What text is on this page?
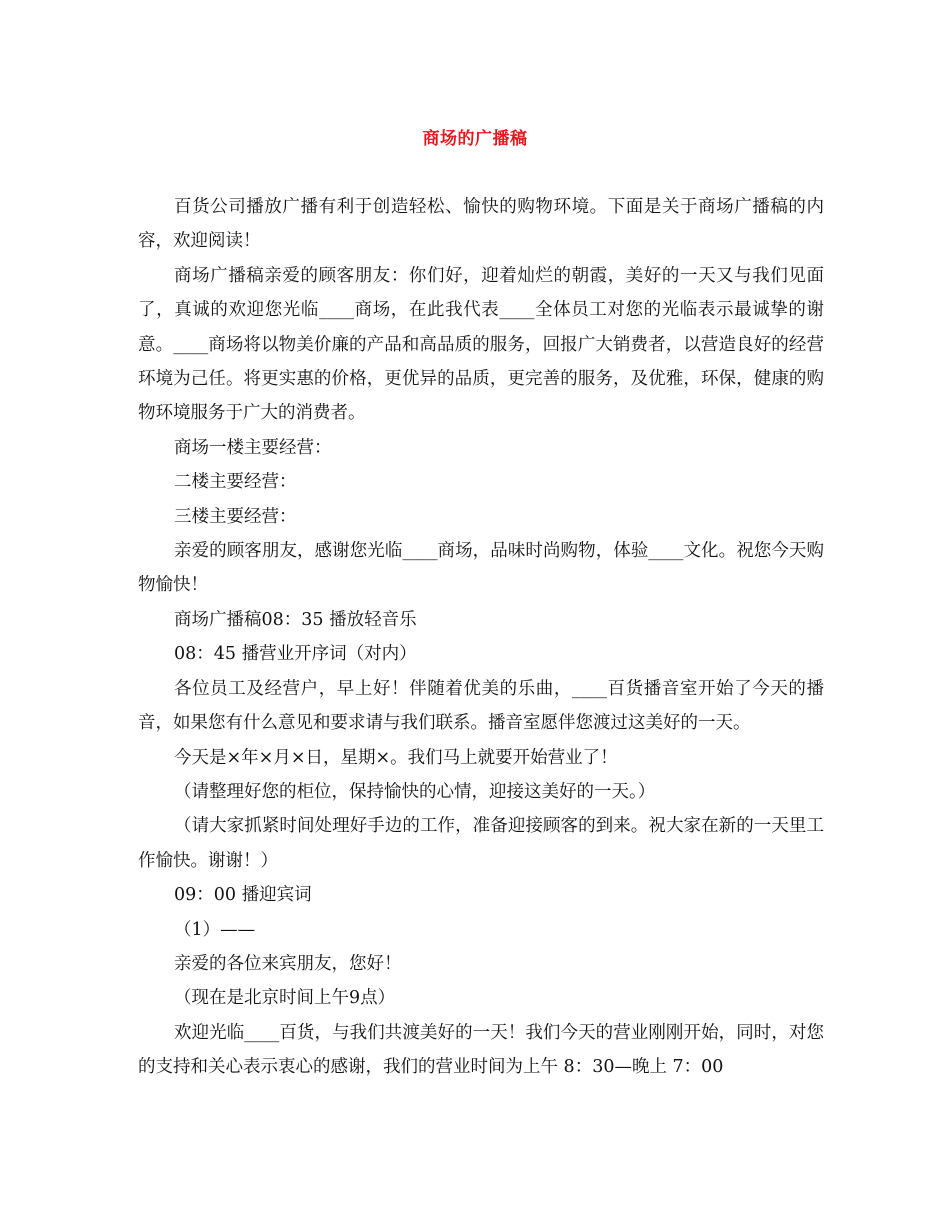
商场的广播稿

百货公司播放广播有利于创造轻松、愉快的购物环境。下面是关于商场广播稿的内容，欢迎阅读！

商场广播稿亲爱的顾客朋友：你们好，迎着灿烂的朝霞，美好的一天又与我们见面了，真诚的欢迎您光临____商场，在此我代表____全体员工对您的光临表示最诚挚的谢意。____商场将以物美价廉的产品和高品质的服务，回报广大销费者，以营造良好的经营环境为己任。将更实惠的价格，更优异的品质，更完善的服务，及优雅，环保，健康的购物环境服务于广大的消费者。

商场一楼主要经营：

二楼主要经营：

三楼主要经营：

亲爱的顾客朋友，感谢您光临____商场，品味时尚购物，体验____文化。祝您今天购物愉快！

商场广播稿08：35 播放轻音乐

08：45 播营业开序词（对内）

各位员工及经营户，早上好！伴随着优美的乐曲，____百货播音室开始了今天的播音，如果您有什么意见和要求请与我们联系。播音室愿伴您渡过这美好的一天。

今天是×年×月×日，星期×。我们马上就要开始营业了！

（请整理好您的柜位，保持愉快的心情，迎接这美好的一天。）

（请大家抓紧时间处理好手边的工作，准备迎接顾客的到来。祝大家在新的一天里工作愉快。谢谢！）

09：00 播迎宾词

（1）——

亲爱的各位来宾朋友，您好！

（现在是北京时间上午9点）

欢迎光临____百货，与我们共渡美好的一天！我们今天的营业刚刚开始，同时，对您的支持和关心表示衷心的感谢，我们的营业时间为上午 8：30—晚上 7：00
